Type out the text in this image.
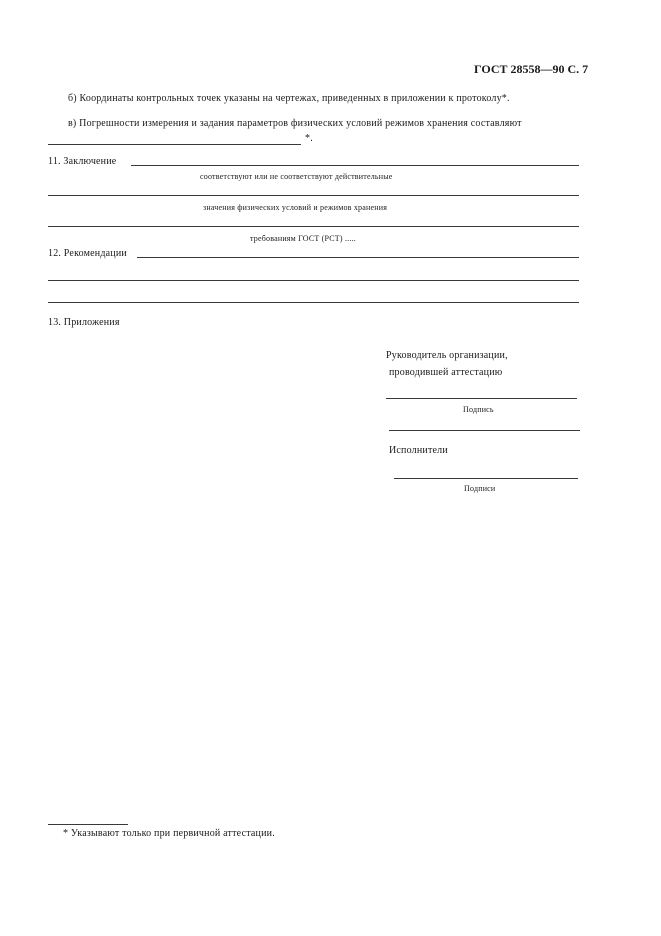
ГОСТ 28558—90 С. 7
б) Координаты контрольных точек указаны на чертежах, приведенных в приложении к протоколу*.
в) Погрешности измерения и задания параметров физических условий режимов хранения составляют
*.
11. Заключение
соответствуют или не соответствуют действительные
значения физических условий и режимов хранения
требованиям ГОСТ (РСТ) .....
12. Рекомендации
13. Приложения
Руководитель организации,
проводившей аттестацию
Подпись
Исполнители
Подписи
* Указывают только при первичной аттестации.
